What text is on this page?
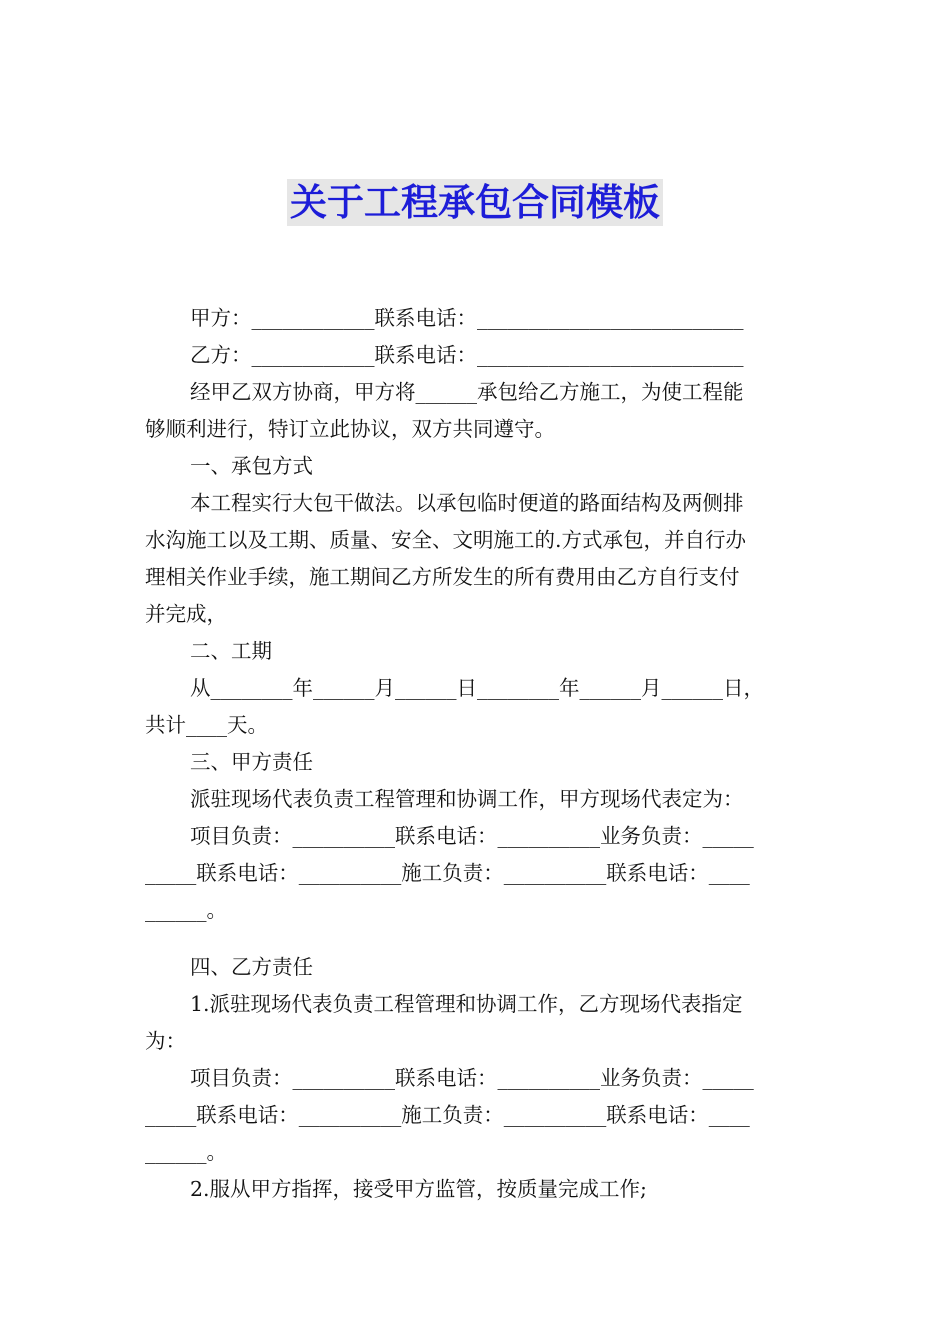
关于工程承包合同模板
甲方：____________联系电话：__________________________
乙方：____________联系电话：__________________________
经甲乙双方协商，甲方将______承包给乙方施工，为使工程能
够顺利进行，特订立此协议，双方共同遵守。
一、承包方式
本工程实行大包干做法。以承包临时便道的路面结构及两侧排
水沟施工以及工期、质量、安全、文明施工的.方式承包，并自行办
理相关作业手续，施工期间乙方所发生的所有费用由乙方自行支付
并完成，
二、工期
从________年______月______日________年______月______日，
共计____天。
三、甲方责任
派驻现场代表负责工程管理和协调工作，甲方现场代表定为：
项目负责：__________联系电话：__________业务负责：_____
_____联系电话：__________施工负责：__________联系电话：____
______。
四、乙方责任
1.派驻现场代表负责工程管理和协调工作，乙方现场代表指定
为：
项目负责：__________联系电话：__________业务负责：_____
_____联系电话：__________施工负责：__________联系电话：____
______。
2.服从甲方指挥，接受甲方监管，按质量完成工作;
